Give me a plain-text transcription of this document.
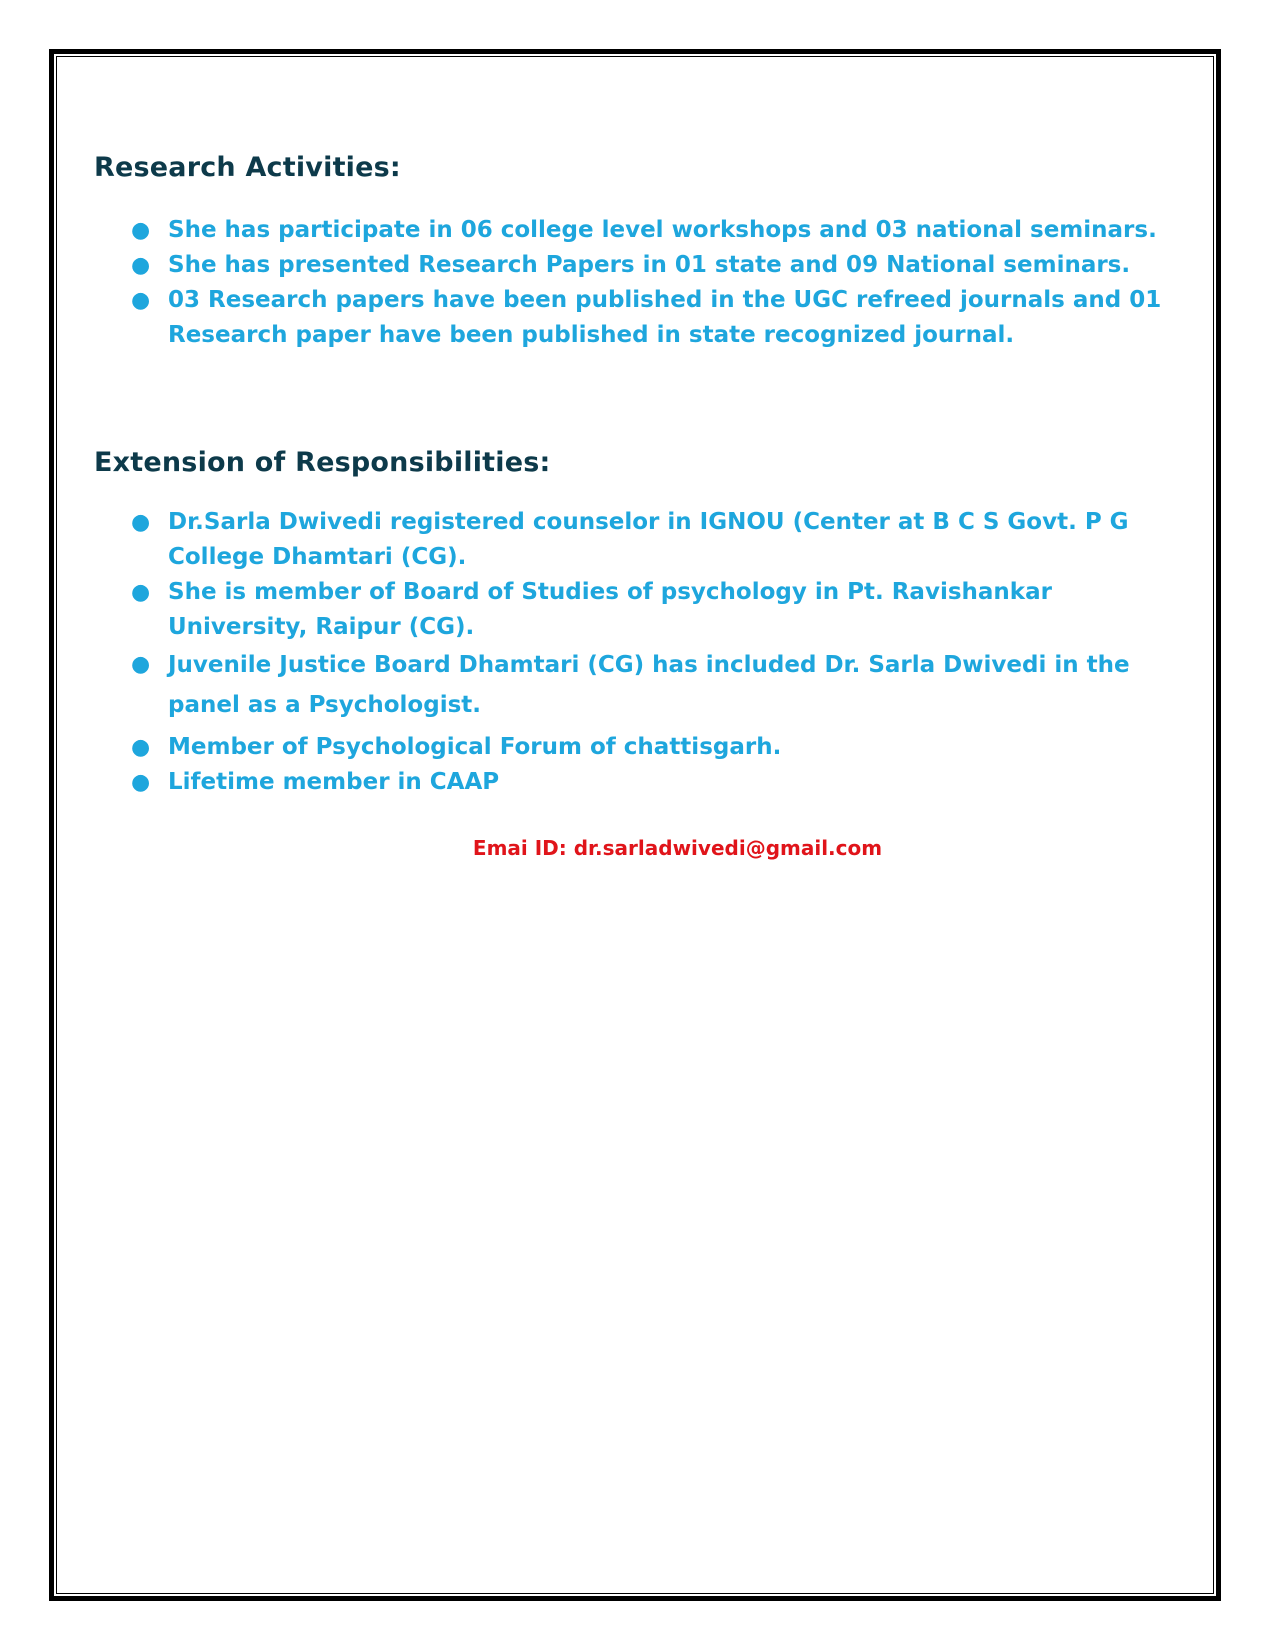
Research Activities:
● She has participate in 06 college level workshops and 03 national seminars.
● She has presented Research Papers in 01 state and 09 National seminars.
● 03 Research papers have been published in the UGC refreed journals and 01 Research paper have been published in state recognized journal.
Extension of Responsibilities:
● Dr.Sarla Dwivedi registered counselor in IGNOU (Center at B C S Govt. P G College Dhamtari (CG).
● She is member of Board of Studies of psychology in Pt. Ravishankar University, Raipur (CG).
● Juvenile Justice Board Dhamtari (CG) has included Dr. Sarla Dwivedi in the panel as a Psychologist.
● Member of Psychological Forum of chattisgarh.
● Lifetime member in CAAP
Emai ID: dr.sarladwivedi@gmail.com
